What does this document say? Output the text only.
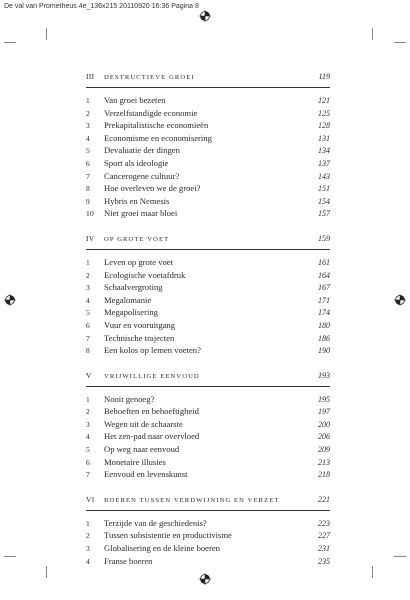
De val van Prometheus 4e_136x215 20110920 16:36 Pagina 8
III	DESTRUCTIEVE GROEI	119
1	Van groei bezeten	121
2	Verzelfstandigde economie	125
3	Prekapitalistische economieën	128
4	Economisme en economisering	131
5	Devaluatie der dingen	134
6	Sport als ideologie	137
7	Cancerogene cultuur?	143
8	Hoe overleven we de groei?	151
9	Hybris en Nemesis	154
10	Niet groei maar bloei	157
IV	OP GROTE VOET	159
1	Leven op grote voet	161
2	Ecologische voetafdruk	164
3	Schaalvergroting	167
4	Megalomanie	171
5	Megapolisering	174
6	Vuur en vooruitgang	180
7	Technische trajecten	186
8	Een kolos op lemen voeten?	190
V	VRIJWILLIGE EENVOUD	193
1	Nooit genoeg?	195
2	Behoeften en behoeftigheid	197
3	Wegen uit de schaarste	200
4	Het zen-pad naar overvloed	206
5	Op weg naar eenvoud	209
6	Monetaire illusies	213
7	Eenvoud en levenskunst	218
VI	BOEREN TUSSEN VERDWIJNING EN VERZET	221
1	Terzijde van de geschiedenis?	223
2	Tussen subsistentie en productivisme	227
3	Globalisering en de kleine boeren	231
4	Franse boeren	235
